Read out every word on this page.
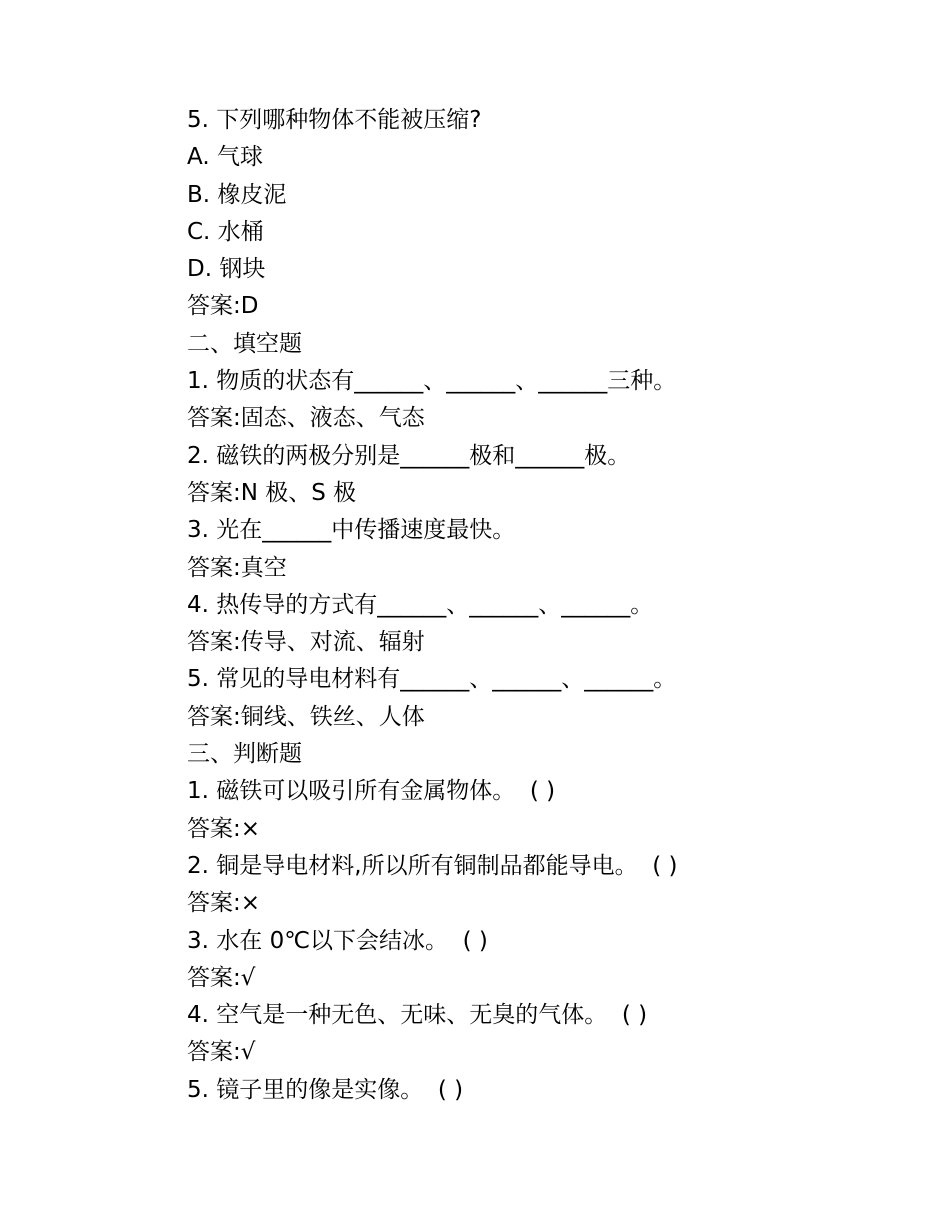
5. 下列哪种物体不能被压缩?
A. 气球
B. 橡皮泥
C. 水桶
D. 钢块
答案:D
二、填空题
1. 物质的状态有______、______、______三种。
答案:固态、液态、气态
2. 磁铁的两极分别是______极和______极。
答案:N 极、S 极
3. 光在______中传播速度最快。
答案:真空
4. 热传导的方式有______、______、______。
答案:传导、对流、辐射
5. 常见的导电材料有______、______、______。
答案:铜线、铁丝、人体
三、判断题
1. 磁铁可以吸引所有金属物体。  ( )
答案:×
2. 铜是导电材料,所以所有铜制品都能导电。  ( )
答案:×
3. 水在 0℃以下会结冰。  ( )
答案:√
4. 空气是一种无色、无味、无臭的气体。  ( )
答案:√
5. 镜子里的像是实像。  ( )
